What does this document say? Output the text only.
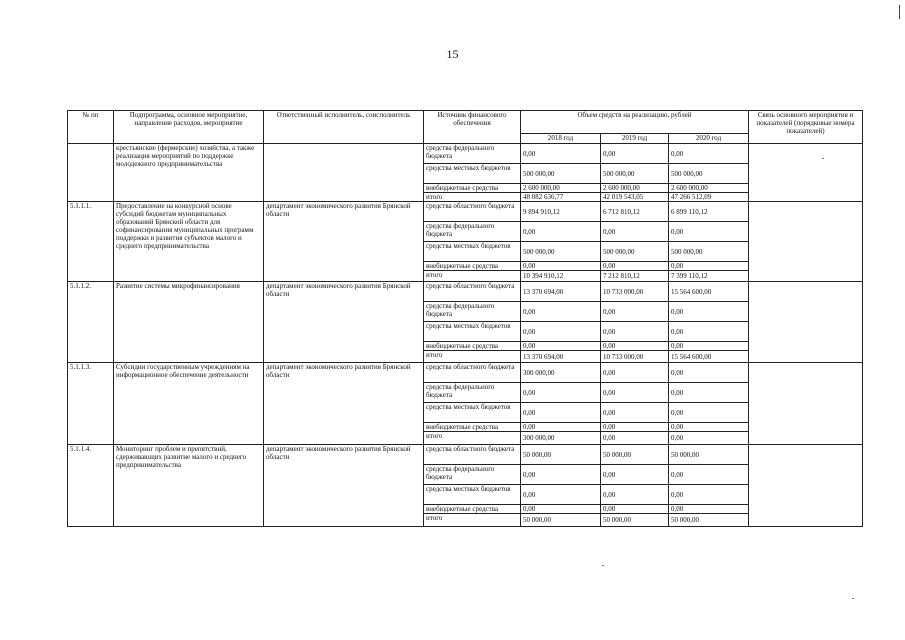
15
№ пп	Подпрограмма, основное мероприятие, направление расходов, мероприятие	Ответственный исполнитель, соисполнитель	Источник финансового обеспечения	Объем средств на реализацию, рублей			Связь основного мероприятия и показателей (порядковые номера показателей)
				2018 год	2019 год	2020 год	
	крестьянские (фермерские) хозяйства, а также реализация мероприятий по поддержке молодежного предпринимательства		средства федерального бюджета	0,00	0,00	0,00	
			средства местных бюджетов	500 000,00	500 000,00	500 000,00	
			внебюджетные средства	2 600 000,00	2 600 000,00	2 600 000,00	
			итого	48 082 636,77	42 019 543,05	47 266 512,09	
5.1.1.1.	Предоставление на конкурсной основе субсидий бюджетам муниципальных образований Брянской области для софинансирования муниципальных программ поддержки и развития субъектов малого и среднего предпринимательства	департамент экономического развития Брянской области	средства областного бюджета	9 894 910,12	6 712 810,12	6 899 110,12	
			средства федерального бюджета	0,00	0,00	0,00	
			средства местных бюджетов	500 000,00	500 000,00	500 000,00	
			внебюджетные средства	0,00	0,00	0,00	
			итого	10 394 910,12	7 212 810,12	7 399 110,12	
5.1.1.2.	Развитие системы микрофинансирования	департамент экономического развития Брянской области	средства областного бюджета	13 370 694,00	10 733 000,00	15 564 600,00	
			средства федерального бюджета	0,00	0,00	0,00	
			средства местных бюджетов	0,00	0,00	0,00	
			внебюджетные средства	0,00	0,00	0,00	
			итого	13 370 694,00	10 733 000,00	15 564 600,00	
5.1.1.3.	Субсидии государственным учреждениям на информационное обеспечение деятельности	департамент экономического развития Брянской области	средства областного бюджета	300 000,00	0,00	0,00	
			средства федерального бюджета	0,00	0,00	0,00	
			средства местных бюджетов	0,00	0,00	0,00	
			внебюджетные средства	0,00	0,00	0,00	
			итого	300 000,00	0,00	0,00	
5.1.1.4.	Мониторинг проблем и препятствий, сдерживающих развитие малого и среднего предпринимательства	департамент экономического развития Брянской области	средства областного бюджета	50 000,00	50 000,00	50 000,00	
			средства федерального бюджета	0,00	0,00	0,00	
			средства местных бюджетов	0,00	0,00	0,00	
			внебюджетные средства	0,00	0,00	0,00	
			итого	50 000,00	50 000,00	50 000,00	
